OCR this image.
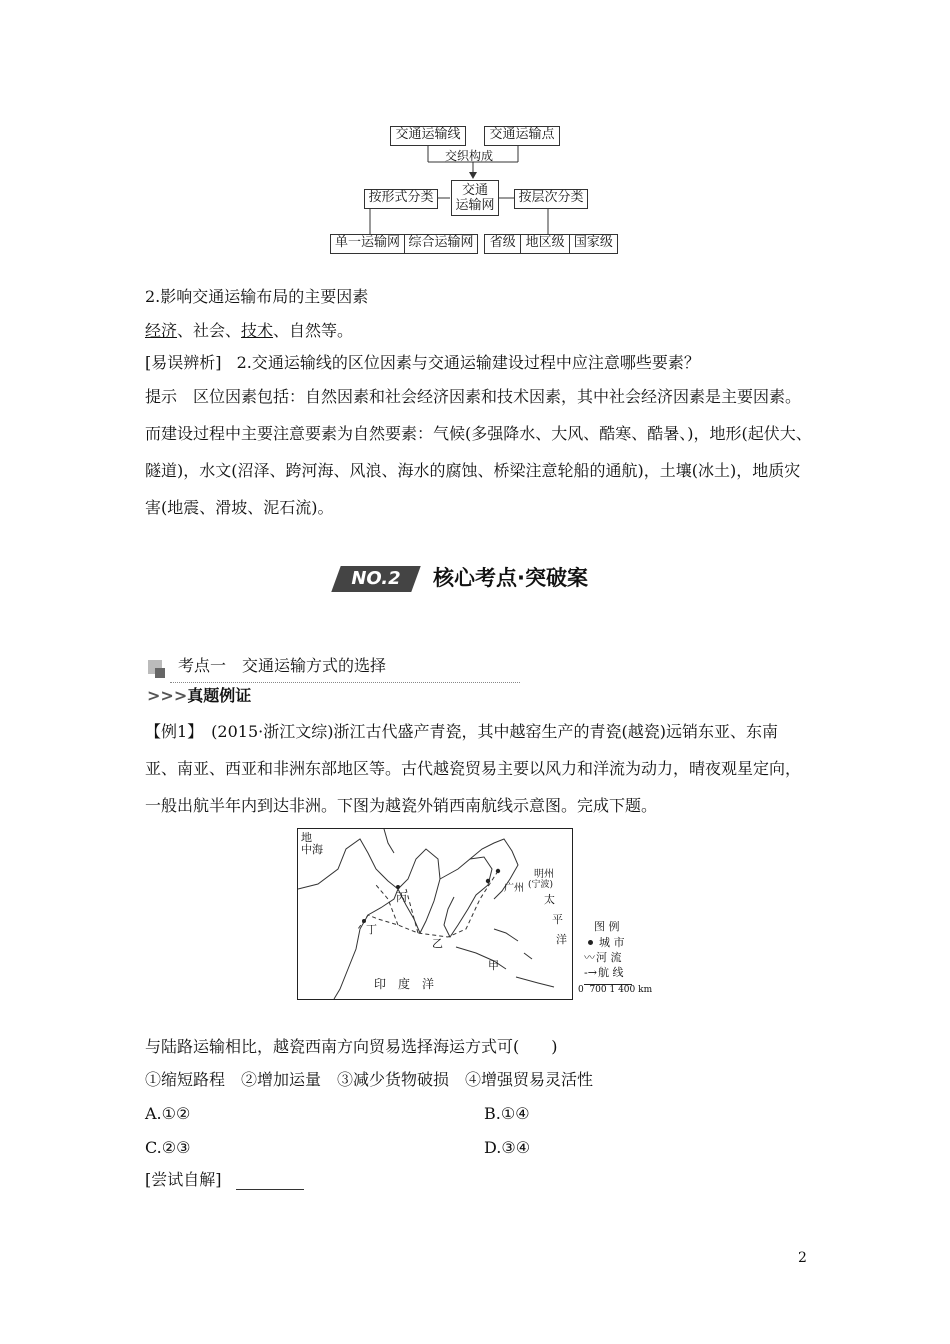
交通运输线	交通运输点
交织构成
交通
运输网
按形式分类	按层次分类
单一运输网 综合运输网	省级 地区级 国家级
2.影响交通运输布局的主要因素
经济、社会、技术、自然等。
[易误辨析] 2.交通运输线的区位因素与交通运输建设过程中应注意哪些要素？
提示　区位因素包括：自然因素和社会经济因素和技术因素，其中社会经济因素是主要因素。
而建设过程中主要注意要素为自然要素：气候(多强降水、大风、酷寒、酷暑、)，地形(起伏大、
隧道)，水文(沼泽、跨河海、风浪、海水的腐蚀、桥梁注意轮船的通航)，土壤(冰土)，地质灾
害(地震、滑坡、泥石流)。
NO.2	核心考点·突破案
考点一　交通运输方式的选择
>>>真题例证
【例1】　(2015·浙江文综)浙江古代盛产青瓷，其中越窑生产的青瓷(越瓷)远销东亚、东南
亚、南亚、西亚和非洲东部地区等。古代越瓷贸易主要以风力和洋流为动力，晴夜观星定向，
一般出航半年内到达非洲。下图为越瓷外销西南航线示意图。完成下题。
地
中海
丙
丁
乙
甲
明州
(宁波)
广州
太
平
洋
印　度　洋
图 例
城 市
〰河 流
-→航 线
0  700 1 400 km
与陆路运输相比，越瓷西南方向贸易选择海运方式可(　　)
①缩短路程　②增加运量　③减少货物破损　④增强贸易灵活性
A.①②	B.①④
C.②③	D.③④
[尝试自解]
2
